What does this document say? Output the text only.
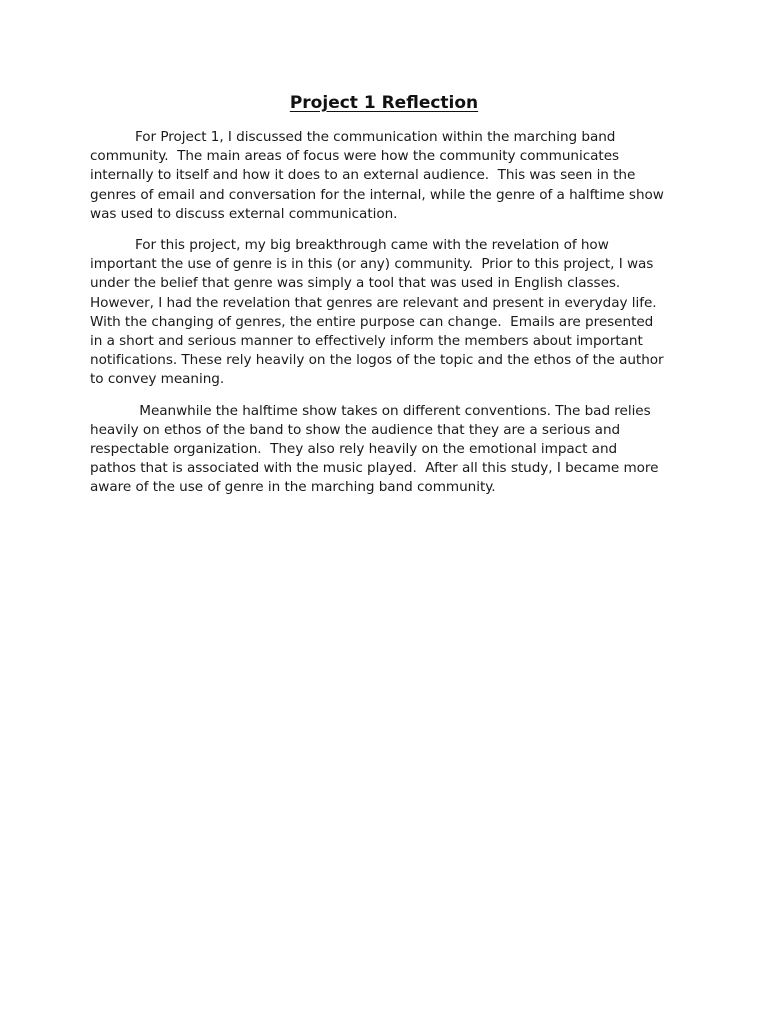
Project 1 Reflection

For Project 1, I discussed the communication within the marching band
community.  The main areas of focus were how the community communicates
internally to itself and how it does to an external audience.  This was seen in the
genres of email and conversation for the internal, while the genre of a halftime show
was used to discuss external communication.

For this project, my big breakthrough came with the revelation of how
important the use of genre is in this (or any) community.  Prior to this project, I was
under the belief that genre was simply a tool that was used in English classes.
However, I had the revelation that genres are relevant and present in everyday life.
With the changing of genres, the entire purpose can change.  Emails are presented
in a short and serious manner to effectively inform the members about important
notifications. These rely heavily on the logos of the topic and the ethos of the author
to convey meaning.

Meanwhile the halftime show takes on different conventions. The bad relies
heavily on ethos of the band to show the audience that they are a serious and
respectable organization.  They also rely heavily on the emotional impact and
pathos that is associated with the music played.  After all this study, I became more
aware of the use of genre in the marching band community.
